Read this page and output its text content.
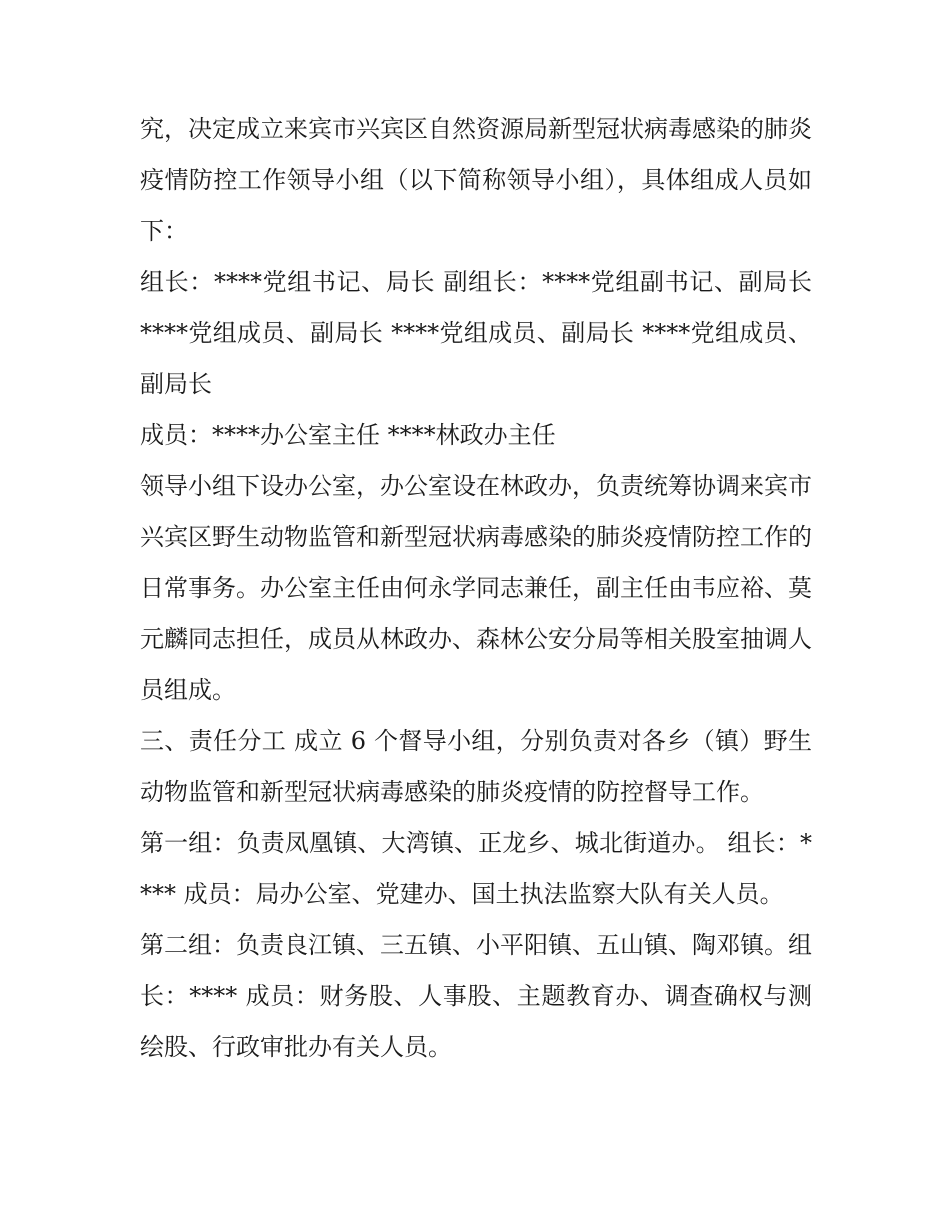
究，决定成立来宾市兴宾区自然资源局新型冠状病毒感染的肺炎疫情防控工作领导小组（以下简称领导小组），具体组成人员如下：

组长：****党组书记、局长 副组长：****党组副书记、副局长 ****党组成员、副局长 ****党组成员、副局长 ****党组成员、副局长

成员：****办公室主任 ****林政办主任

领导小组下设办公室，办公室设在林政办，负责统筹协调来宾市兴宾区野生动物监管和新型冠状病毒感染的肺炎疫情防控工作的日常事务。办公室主任由何永学同志兼任，副主任由韦应裕、莫元麟同志担任，成员从林政办、森林公安分局等相关股室抽调人员组成。

三、责任分工 成立 6 个督导小组，分别负责对各乡（镇）野生动物监管和新型冠状病毒感染的肺炎疫情的防控督导工作。

第一组：负责凤凰镇、大湾镇、正龙乡、城北街道办。 组长：**** 成员：局办公室、党建办、国土执法监察大队有关人员。

第二组：负责良江镇、三五镇、小平阳镇、五山镇、陶邓镇。组长：**** 成员：财务股、人事股、主题教育办、调查确权与测绘股、行政审批办有关人员。
